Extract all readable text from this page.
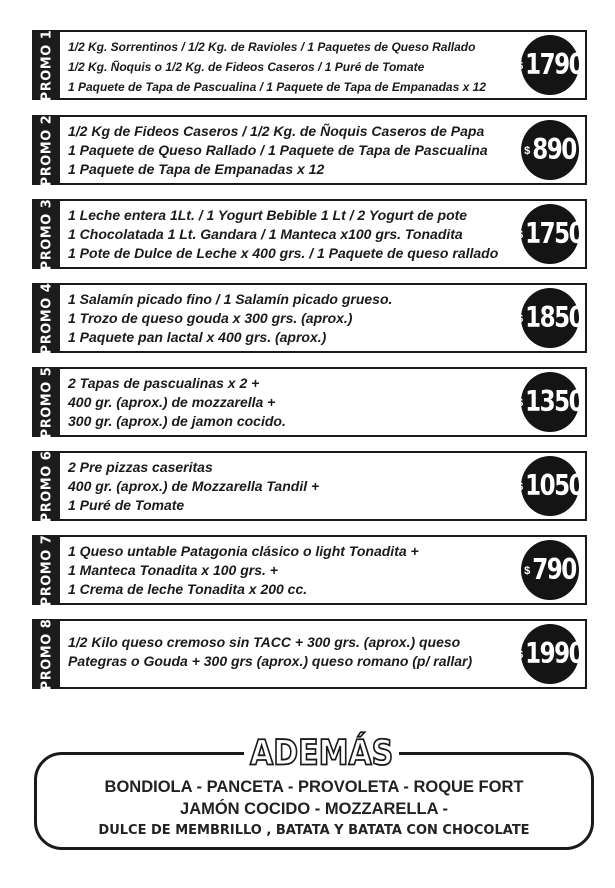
PROMO 1 1/2 Kg. Sorrentinos / 1/2 Kg. de Ravioles / 1 Paquetes de Queso Rallado
1/2 Kg. Ñoquis o 1/2 Kg. de Fideos Caseros / 1 Puré de Tomate
1 Paquete de Tapa de Pascualina / 1 Paquete de Tapa de Empanadas x 12
$ 1790
PROMO 2 1/2 Kg de Fideos Caseros / 1/2 Kg. de Ñoquis Caseros de Papa
1 Paquete de Queso Rallado / 1 Paquete de Tapa de Pascualina
1 Paquete de Tapa de Empanadas x 12
$ 890
PROMO 3 1 Leche entera 1Lt. / 1 Yogurt Bebible 1 Lt / 2 Yogurt de pote
1 Chocolatada 1 Lt. Gandara / 1 Manteca x100 grs. Tonadita
1 Pote de Dulce de Leche x 400 grs. / 1 Paquete de queso rallado
$ 1750
PROMO 4 1 Salamín picado fino / 1 Salamín picado grueso.
1 Trozo de queso gouda x 300 grs. (aprox.)
1 Paquete pan lactal x 400 grs. (aprox.)
$ 1850
PROMO 5 2 Tapas de pascualinas x 2 +
400 gr. (aprox.) de mozzarella +
300 gr. (aprox.) de jamon cocido.
$ 1350
PROMO 6 2 Pre pizzas caseritas
400 gr. (aprox.) de Mozzarella Tandil +
1 Puré de Tomate
$ 1050
PROMO 7 1 Queso untable Patagonia clásico o light Tonadita +
1 Manteca Tonadita x 100 grs. +
1 Crema de leche Tonadita x 200 cc.
$ 790
PROMO 8 1/2 Kilo queso cremoso sin TACC + 300 grs. (aprox.) queso
Pategras o Gouda + 300 grs (aprox.) queso romano (p/ rallar)	$ 1990
ADEMÁS
BONDIOLA - PANCETA - PROVOLETA - ROQUE FORT
JAMÓN COCIDO - MOZZARELLA -
DULCE DE MEMBRILLO , BATATA Y BATATA CON CHOCOLATE
